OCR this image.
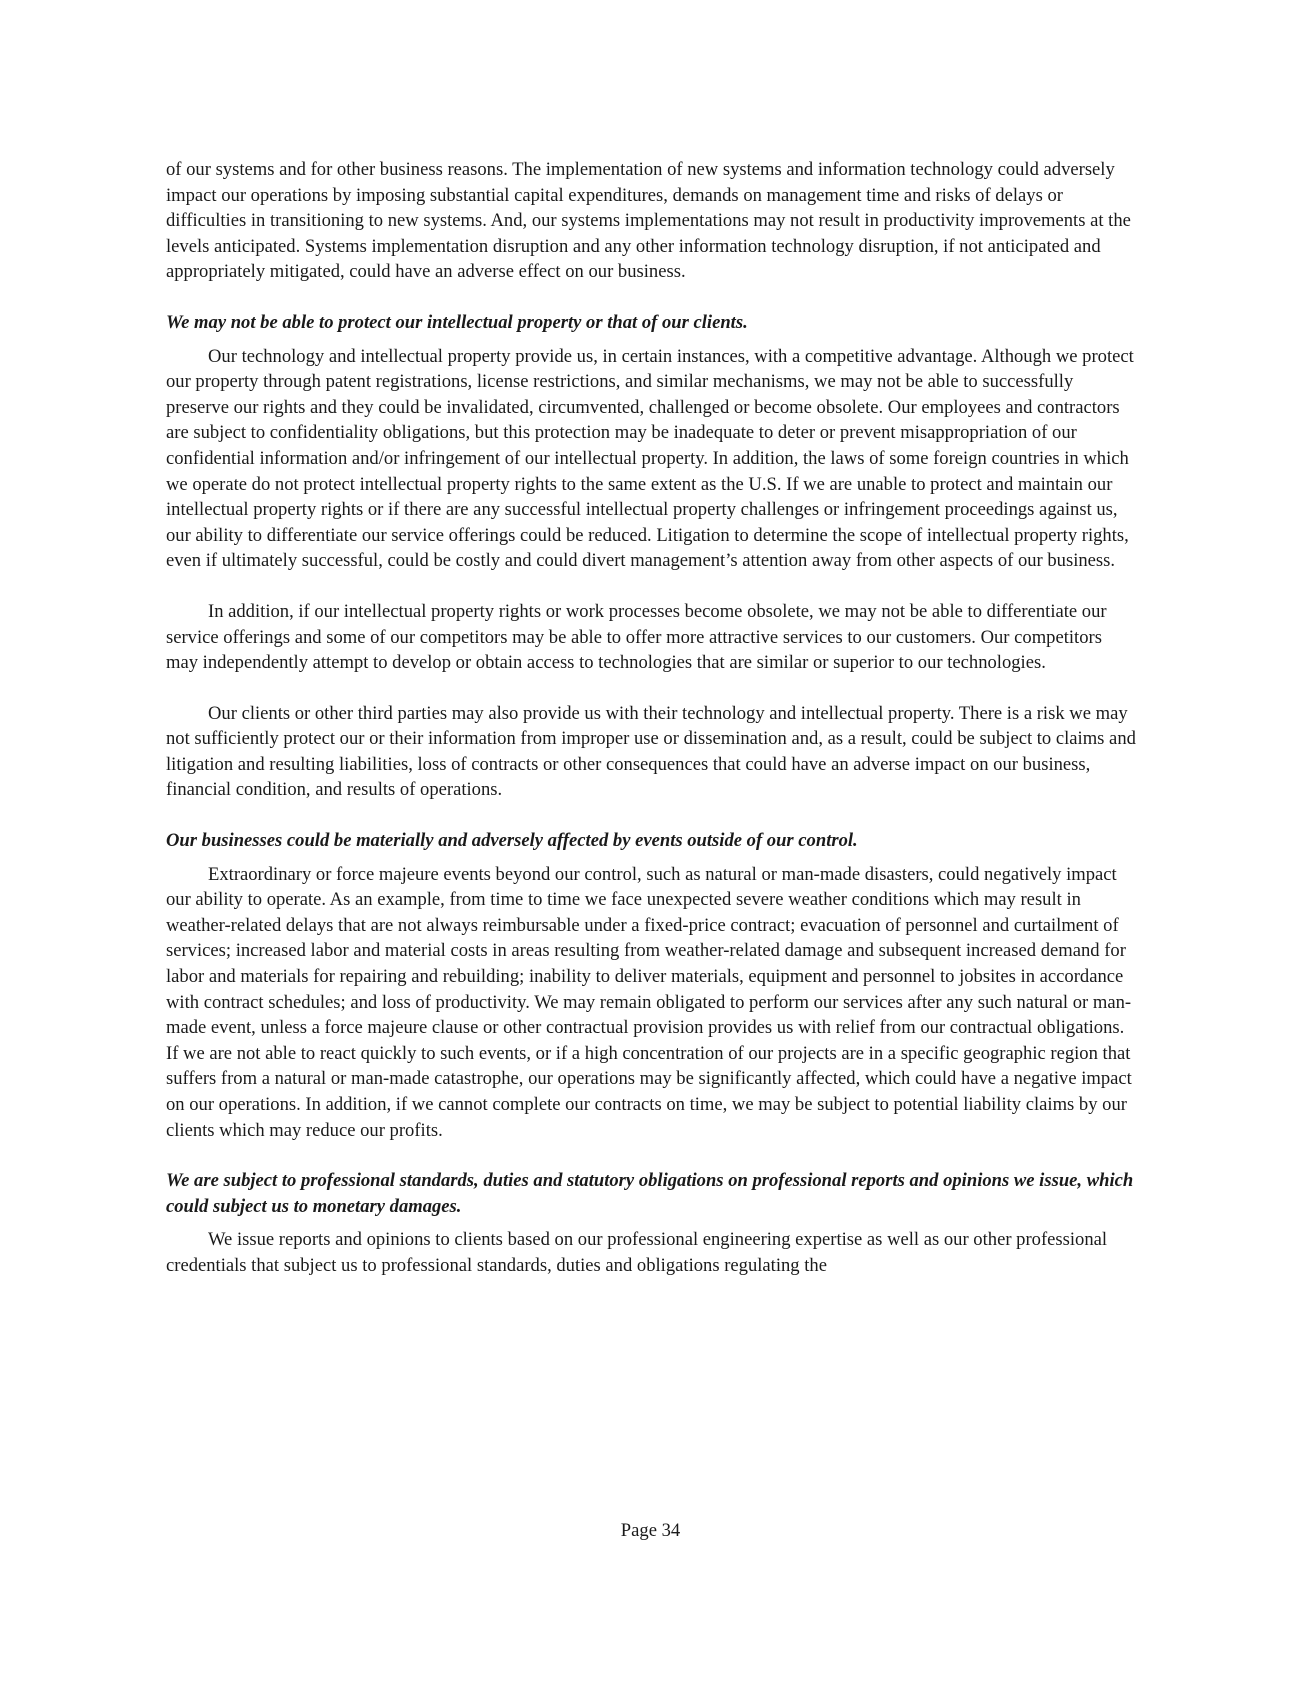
of our systems and for other business reasons. The implementation of new systems and information technology could adversely impact our operations by imposing substantial capital expenditures, demands on management time and risks of delays or difficulties in transitioning to new systems. And, our systems implementations may not result in productivity improvements at the levels anticipated. Systems implementation disruption and any other information technology disruption, if not anticipated and appropriately mitigated, could have an adverse effect on our business.

We may not be able to protect our intellectual property or that of our clients.

Our technology and intellectual property provide us, in certain instances, with a competitive advantage. Although we protect our property through patent registrations, license restrictions, and similar mechanisms, we may not be able to successfully preserve our rights and they could be invalidated, circumvented, challenged or become obsolete. Our employees and contractors are subject to confidentiality obligations, but this protection may be inadequate to deter or prevent misappropriation of our confidential information and/or infringement of our intellectual property. In addition, the laws of some foreign countries in which we operate do not protect intellectual property rights to the same extent as the U.S. If we are unable to protect and maintain our intellectual property rights or if there are any successful intellectual property challenges or infringement proceedings against us, our ability to differentiate our service offerings could be reduced. Litigation to determine the scope of intellectual property rights, even if ultimately successful, could be costly and could divert management’s attention away from other aspects of our business.

In addition, if our intellectual property rights or work processes become obsolete, we may not be able to differentiate our service offerings and some of our competitors may be able to offer more attractive services to our customers. Our competitors may independently attempt to develop or obtain access to technologies that are similar or superior to our technologies.

Our clients or other third parties may also provide us with their technology and intellectual property. There is a risk we may not sufficiently protect our or their information from improper use or dissemination and, as a result, could be subject to claims and litigation and resulting liabilities, loss of contracts or other consequences that could have an adverse impact on our business, financial condition, and results of operations.

Our businesses could be materially and adversely affected by events outside of our control.

Extraordinary or force majeure events beyond our control, such as natural or man-made disasters, could negatively impact our ability to operate. As an example, from time to time we face unexpected severe weather conditions which may result in weather-related delays that are not always reimbursable under a fixed-price contract; evacuation of personnel and curtailment of services; increased labor and material costs in areas resulting from weather-related damage and subsequent increased demand for labor and materials for repairing and rebuilding; inability to deliver materials, equipment and personnel to jobsites in accordance with contract schedules; and loss of productivity. We may remain obligated to perform our services after any such natural or man-made event, unless a force majeure clause or other contractual provision provides us with relief from our contractual obligations. If we are not able to react quickly to such events, or if a high concentration of our projects are in a specific geographic region that suffers from a natural or man-made catastrophe, our operations may be significantly affected, which could have a negative impact on our operations. In addition, if we cannot complete our contracts on time, we may be subject to potential liability claims by our clients which may reduce our profits.

We are subject to professional standards, duties and statutory obligations on professional reports and opinions we issue, which could subject us to monetary damages.

We issue reports and opinions to clients based on our professional engineering expertise as well as our other professional credentials that subject us to professional standards, duties and obligations regulating the

Page 34
